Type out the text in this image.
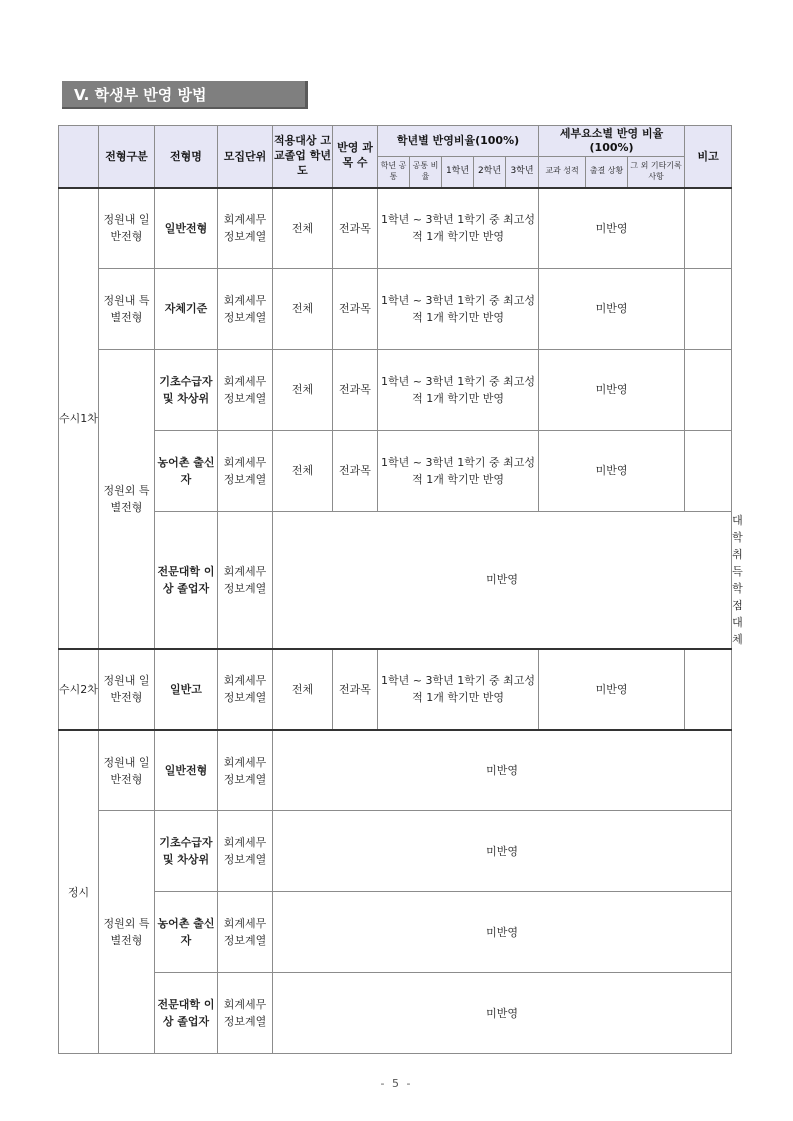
V. 학생부 반영 방법
	전형구분	전형명	모집단위	적용대상 고교졸업 학년도	반영 과목 수	학년별 반영비율(100%)					세부요소별 반영 비율(100%)			비고	
						학년 공통	공통 비율	1학년	2학년	3학년	교과 성적	출결 상황	그 외 기타기록사항		
수시1차	정원내 일반전형	일반전형	회계세무 정보계열	전체	전과목	1학년 ~ 3학년 1학기 중 최고성적 1개 학기만 반영					미반영				
	정원내 특별전형	자체기준	회계세무 정보계열	전체	전과목	1학년 ~ 3학년 1학기 중 최고성적 1개 학기만 반영					미반영				
	정원외 특별전형	기초수급자 및 차상위	회계세무 정보계열	전체	전과목	1학년 ~ 3학년 1학기 중 최고성적 1개 학기만 반영					미반영				
		농어촌 출신자	회계세무 정보계열	전체	전과목	1학년 ~ 3학년 1학기 중 최고성적 1개 학기만 반영					미반영				
		전문대학 이상 졸업자	회계세무 정보계열	미반영											대학 취득 학점 대체
수시2차	정원내 일반전형	일반고	회계세무 정보계열	전체	전과목	1학년 ~ 3학년 1학기 중 최고성적 1개 학기만 반영					미반영				
정시	정원내 일반전형	일반전형	회계세무 정보계열	미반영											
	정원외 특별전형	기초수급자 및 차상위	회계세무 정보계열	미반영											
		농어촌 출신자	회계세무 정보계열	미반영											
		전문대학 이상 졸업자	회계세무 정보계열	미반영											
- 5 -
